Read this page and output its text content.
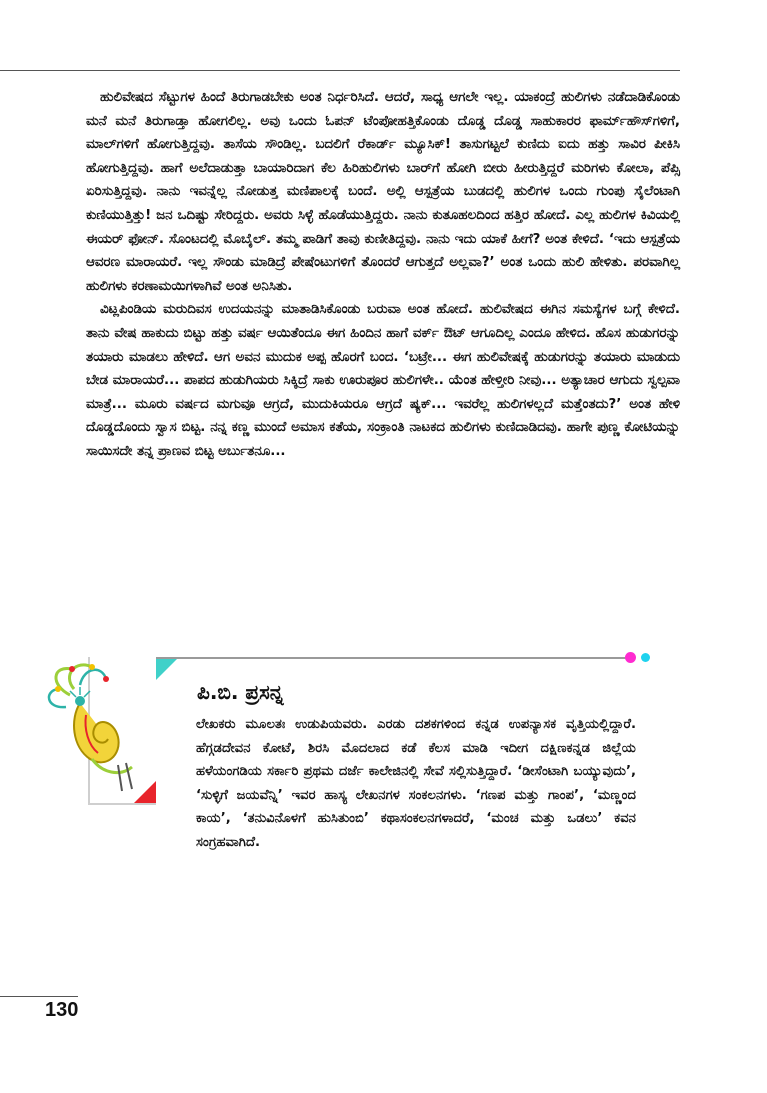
ಹುಲಿವೇಷದ ಸೆಟ್ಟುಗಳ ಹಿಂದೆ ತಿರುಗಾಡಬೇಕು ಅಂತ ನಿರ್ಧರಿಸಿದೆ. ಆದರೆ, ಸಾಧ್ಯ ಆಗಲೇ ಇಲ್ಲ. ಯಾಕಂದ್ರೆ ಹುಲಿಗಳು ನಡೆದಾಡಿಕೊಂಡು ಮನೆ ಮನೆ ತಿರುಗಾಡ್ತಾ ಹೋಗಲಿಲ್ಲ. ಅವು ಒಂದು ಓಪನ್ ಟೆಂಪೋಹತ್ತಿಕೊಂಡು ದೊಡ್ಡ ದೊಡ್ಡ ಸಾಹುಕಾರರ ಫಾರ್ಮ್‌ಹೌಸ್‌ಗಳಿಗೆ, ಮಾಲ್‌ಗಳಿಗೆ ಹೋಗುತ್ತಿದ್ದವು. ತಾಸೆಯ ಸೌಂಡಿಲ್ಲ. ಬದಲಿಗೆ ರೆಕಾರ್ಡ್ ಮ್ಯೂಸಿಕ್! ತಾಸುಗಟ್ಟಲೆ ಕುಣಿದು ಐದು ಹತ್ತು ಸಾವಿರ ಪೀಕಿಸಿ ಹೋಗುತ್ತಿದ್ದವು. ಹಾಗೆ ಅಲೆದಾಡುತ್ತಾ ಬಾಯಾರಿದಾಗ ಕೆಲ ಹಿರಿಹುಲಿಗಳು ಬಾರ್‌ಗೆ ಹೋಗಿ ಬೀರು ಹೀರುತ್ತಿದ್ದರೆ ಮರಿಗಳು ಕೋಲಾ, ಪೆಪ್ಸಿ ಏರಿಸುತ್ತಿದ್ದವು. ನಾನು ಇವನ್ನೆಲ್ಲ ನೋಡುತ್ತ ಮಣಿಪಾಲಕ್ಕೆ ಬಂದೆ. ಅಲ್ಲಿ ಆಸ್ಪತ್ರೆಯ ಬುಡದಲ್ಲಿ ಹುಲಿಗಳ ಒಂದು ಗುಂಪು ಸೈಲೆಂಟಾಗಿ ಕುಣಿಯುತ್ತಿತ್ತು! ಜನ ಒದಿಷ್ಟು ಸೇರಿದ್ದರು. ಅವರು ಸಿಳ್ಳೆ ಹೊಡೆಯುತ್ತಿದ್ದರು. ನಾನು ಕುತೂಹಲದಿಂದ ಹತ್ತಿರ ಹೋದೆ. ಎಲ್ಲ ಹುಲಿಗಳ ಕಿವಿಯಲ್ಲಿ ಈಯರ್ ಫೋನ್. ಸೊಂಟದಲ್ಲಿ ಮೊಬೈಲ್. ತಮ್ಮ ಪಾಡಿಗೆ ತಾವು ಕುಣೀತಿದ್ದವು. ನಾನು ಇದು ಯಾಕೆ ಹೀಗೆ? ಅಂತ ಕೇಳಿದೆ. ‘ಇದು ಆಸ್ಪತ್ರೆಯ ಆವರಣ ಮಾರಾಯರೆ. ಇಲ್ಲ ಸೌಂಡು ಮಾಡಿದ್ರೆ ಪೇಷೆಂಟುಗಳಿಗೆ ತೊಂದರೆ ಆಗುತ್ತದೆ ಅಲ್ಲವಾ?’ ಅಂತ ಒಂದು ಹುಲಿ ಹೇಳಿತು. ಪರವಾಗಿಲ್ಲ ಹುಲಿಗಳು ಕರಣಾಮಯಿಗಳಾಗಿವೆ ಅಂತ ಅನಿಸಿತು.

ವಿಟ್ಲಪಿಂಡಿಯ ಮರುದಿವಸ ಉದಯನನ್ನು ಮಾತಾಡಿಸಿಕೊಂಡು ಬರುವಾ ಅಂತ ಹೋದೆ. ಹುಲಿವೇಷದ ಈಗಿನ ಸಮಸ್ಯೆಗಳ ಬಗ್ಗೆ ಕೇಳಿದೆ. ತಾನು ವೇಷ ಹಾಕುದು ಬಿಟ್ಟು ಹತ್ತು ವರ್ಷ ಆಯಿತೆಂದೂ ಈಗ ಹಿಂದಿನ ಹಾಗೆ ವರ್ಕ್ ಔಟ್ ಆಗೂದಿಲ್ಲ ಎಂದೂ ಹೇಳಿದ. ಹೊಸ ಹುಡುಗರನ್ನು ತಯಾರು ಮಾಡಲು ಹೇಳಿದೆ. ಆಗ ಅವನ ಮುದುಕ ಅಪ್ಪ ಹೊರಗೆ ಬಂದ. ‘ಬಟ್ರೇ... ಈಗ ಹುಲಿವೇಷಕ್ಕೆ ಹುಡುಗರನ್ನು ತಯಾರು ಮಾಡುದು ಬೇಡ ಮಾರಾಯರೆ... ಪಾಪದ ಹುಡುಗಿಯರು ಸಿಕ್ಕಿದ್ರೆ ಸಾಕು ಊರುಪೂರ ಹುಲಿಗಳೇ.. ಯೆಂತ ಹೇಳ್ತೀರಿ ನೀವು... ಅತ್ಯಾಚಾರ ಆಗುದು ಸ್ವಲ್ಪವಾ ಮಾತ್ರೆ... ಮೂರು ವರ್ಷದ ಮಗುವೂ ಆಗ್ರದೆ, ಮುದುಕಿಯರೂ ಆಗ್ರದೆ ಷ್ಯಕ್... ಇವರೆಲ್ಲ ಹುಲಿಗಳಲ್ಲದೆ ಮತ್ತೆಂತದು?’ ಅಂತ ಹೇಳಿ ದೊಡ್ಡದೊಂದು ಸ್ವಾಸ ಬಿಟ್ಟ. ನನ್ನ ಕಣ್ಣ ಮುಂದೆ ಅಮಾಸ ಕತೆಯ, ಸಂಕ್ರಾಂತಿ ನಾಟಕದ ಹುಲಿಗಳು ಕುಣಿದಾಡಿದವು. ಹಾಗೇ ಪುಣ್ಣ ಕೋಟಿಯನ್ನು ಸಾಯಿಸದೇ ತನ್ನ ಪ್ರಾಣವ ಬಿಟ್ಟ ಅರ್ಬುತನೂ...

ಪಿ.ಬಿ. ಪ್ರಸನ್ನ

ಲೇಖಕರು ಮೂಲತಃ ಉಡುಪಿಯವರು. ಎರಡು ದಶಕಗಳಿಂದ ಕನ್ನಡ ಉಪನ್ಯಾಸಕ ವೃತ್ತಿಯಲ್ಲಿದ್ದಾರೆ. ಹೆಗ್ಗಡದೇವನ ಕೋಟೆ, ಶಿರಸಿ ಮೊದಲಾದ ಕಡೆ ಕೆಲಸ ಮಾಡಿ ಇದೀಗ ದಕ್ಷಿಣಕನ್ನಡ ಜಿಲ್ಲೆಯ ಹಳೆಯಂಗಡಿಯ ಸರ್ಕಾರಿ ಪ್ರಥಮ ದರ್ಜೆ ಕಾಲೇಜಿನಲ್ಲಿ ಸೇವೆ ಸಲ್ಲಿಸುತ್ತಿದ್ದಾರೆ. ‘ಡೀಸೆಂಟಾಗಿ ಬಯ್ಯುವುದು’, ‘ಸುಳ್ಳಿಗೆ ಜಯವೆನ್ನಿ’ ಇವರ ಹಾಸ್ಯ ಲೇಖನಗಳ ಸಂಕಲನಗಳು. ‘ಗಣಪ ಮತ್ತು ಗಾಂಪ’, ‘ಮಣ್ಣಂದ ಕಾಯ’, ‘ತನುವಿನೊಳಗೆ ಹುಸಿತುಂಬಿ’ ಕಥಾಸಂಕಲನಗಳಾದರೆ, ‘ಮಂಚ ಮತ್ತು ಒಡಲು’ ಕವನ ಸಂಗ್ರಹವಾಗಿದೆ.

130
